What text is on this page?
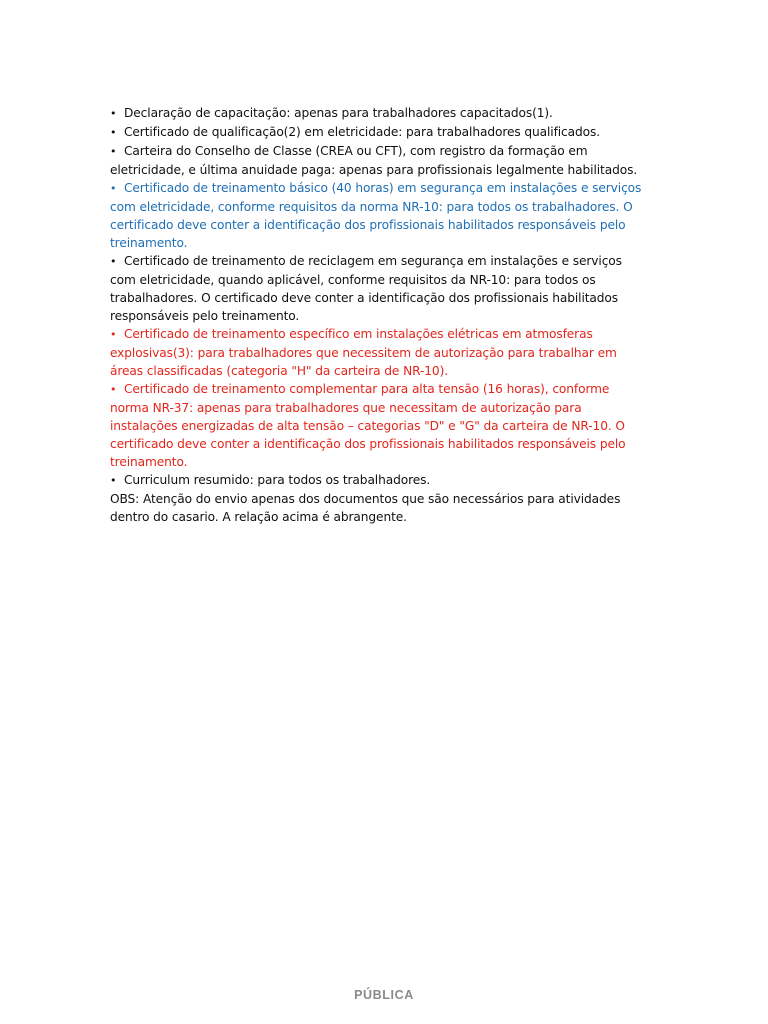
• Declaração de capacitação: apenas para trabalhadores capacitados(1).

• Certificado de qualificação(2) em eletricidade: para trabalhadores qualificados.

• Carteira do Conselho de Classe (CREA ou CFT), com registro da formação em eletricidade, e última anuidade paga: apenas para profissionais legalmente habilitados.

• Certificado de treinamento básico (40 horas) em segurança em instalações e serviços com eletricidade, conforme requisitos da norma NR-10: para todos os trabalhadores. O certificado deve conter a identificação dos profissionais habilitados responsáveis pelo treinamento.

• Certificado de treinamento de reciclagem em segurança em instalações e serviços com eletricidade, quando aplicável, conforme requisitos da NR-10: para todos os trabalhadores. O certificado deve conter a identificação dos profissionais habilitados responsáveis pelo treinamento.

• Certificado de treinamento específico em instalações elétricas em atmosferas explosivas(3): para trabalhadores que necessitem de autorização para trabalhar em áreas classificadas (categoria "H" da carteira de NR-10).

• Certificado de treinamento complementar para alta tensão (16 horas), conforme norma NR-37: apenas para trabalhadores que necessitam de autorização para instalações energizadas de alta tensão – categorias "D" e "G" da carteira de NR-10. O certificado deve conter a identificação dos profissionais habilitados responsáveis pelo treinamento.

• Curriculum resumido: para todos os trabalhadores.

OBS: Atenção do envio apenas dos documentos que são necessários para atividades dentro do casario. A relação acima é abrangente.

PÚBLICA
